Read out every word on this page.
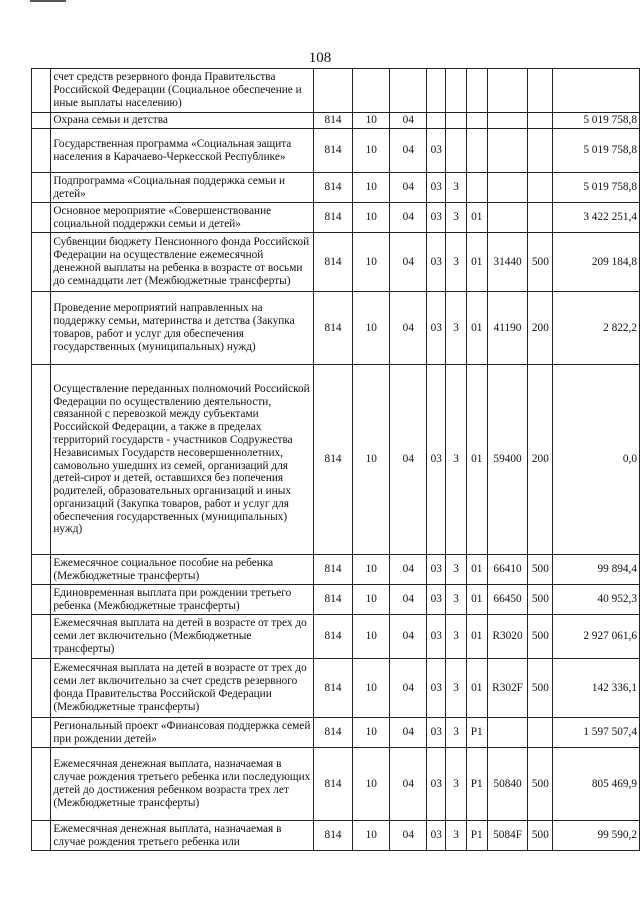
108
	счет средств резервного фонда Правительства Российской Федерации (Социальное обеспечение и иные выплаты населению)									
	Охрана семьи и детства	814	10	04						5 019 758,8
	Государственная программа «Социальная защита населения в Карачаево-Черкесской Республике»	814	10	04	03					5 019 758,8
	Подпрограмма «Социальная поддержка семьи и детей»	814	10	04	03	3				5 019 758,8
	Основное мероприятие «Совершенствование социальной поддержки семьи и детей»	814	10	04	03	3	01			3 422 251,4
	Субвенции бюджету Пенсионного фонда Российской Федерации на осуществление ежемесячной денежной выплаты на ребенка в возрасте от восьми до семнадцати лет (Межбюджетные трансферты)	814	10	04	03	3	01	31440	500	209 184,8
	Проведение мероприятий направленных на поддержку семьи, материнства и детства (Закупка товаров, работ и услуг для обеспечения государственных (муниципальных) нужд)	814	10	04	03	3	01	41190	200	2 822,2
	Осуществление переданных полномочий Российской Федерации по осуществлению деятельности, связанной с перевозкой между субъектами Российской Федерации, а также в пределах территорий государств - участников Содружества Независимых Государств несовершеннолетних, самовольно ушедших из семей, организаций для детей-сирот и детей, оставшихся без попечения родителей, образовательных организаций и иных организаций (Закупка товаров, работ и услуг для обеспечения государственных (муниципальных) нужд)	814	10	04	03	3	01	59400	200	0,0
	Ежемесячное социальное пособие на ребенка (Межбюджетные трансферты)	814	10	04	03	3	01	66410	500	99 894,4
	Единовременная выплата при рождении третьего ребенка (Межбюджетные трансферты)	814	10	04	03	3	01	66450	500	40 952,3
	Ежемесячная выплата на детей в возрасте от трех до семи лет включительно (Межбюджетные трансферты)	814	10	04	03	3	01	R3020	500	2 927 061,6
	Ежемесячная выплата на детей в возрасте от трех до семи лет включительно за счет средств резервного фонда Правительства Российской Федерации (Межбюджетные трансферты)	814	10	04	03	3	01	R302F	500	142 336,1
	Региональный проект «Финансовая поддержка семей при рождении детей»	814	10	04	03	3	P1			1 597 507,4
	Ежемесячная денежная выплата, назначаемая в случае рождения третьего ребенка или последующих детей до достижения ребенком возраста трех лет (Межбюджетные трансферты)	814	10	04	03	3	P1	50840	500	805 469,9
	Ежемесячная денежная выплата, назначаемая в случае рождения третьего ребенка или	814	10	04	03	3	P1	5084F	500	99 590,2
